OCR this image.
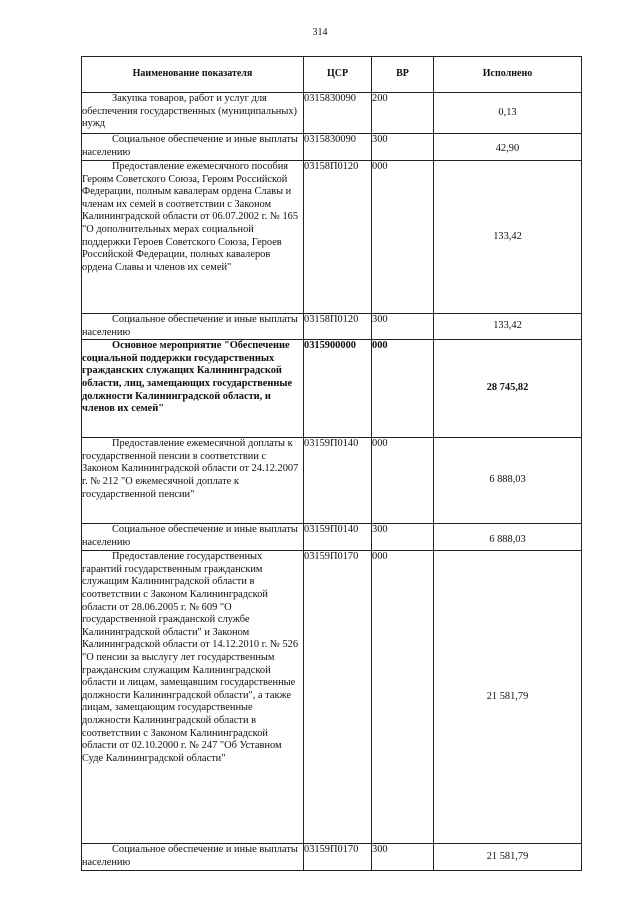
314
Наименование показателя	ЦСР	ВР	Исполнено
Закупка товаров, работ и услуг для обеспечения государственных (муниципальных) нужд	0315830090	200	0,13
Социальное обеспечение и иные выплаты населению	0315830090	300	42,90
Предоставление ежемесячного пособия Героям Советского Союза, Героям Российской Федерации, полным кавалерам ордена Славы и членам их семей в соответствии с Законом Калининградской области от 06.07.2002 г. № 165 "О дополнительных мерах социальной поддержки Героев Советского Союза, Героев Российской Федерации, полных кавалеров ордена Славы и членов их семей"	03158П0120	000	133,42
Социальное обеспечение и иные выплаты населению	03158П0120	300	133,42
Основное мероприятие "Обеспечение социальной поддержки государственных гражданских служащих Калининградской области, лиц, замещающих государственные должности Калининградской области, и членов их семей"	0315900000	000	28 745,82
Предоставление ежемесячной доплаты к государственной пенсии в соответствии с Законом Калининградской области от 24.12.2007 г. № 212 "О ежемесячной доплате к государственной пенсии"	03159П0140	000	6 888,03
Социальное обеспечение и иные выплаты населению	03159П0140	300	6 888,03
Предоставление государственных гарантий государственным гражданским служащим Калининградской области в соответствии с Законом Калининградской области от 28.06.2005 г. № 609 "О государственной гражданской службе Калининградской области" и Законом Калининградской области от 14.12.2010 г. № 526 "О пенсии за выслугу лет государственным гражданским служащим Калининградской области и лицам, замещавшим государственные должности Калининградской области", а также лицам, замещающим государственные должности Калининградской области в соответствии с Законом Калининградской области от 02.10.2000 г. № 247 "Об Уставном Суде Калининградской области"	03159П0170	000	21 581,79
Социальное обеспечение и иные выплаты населению	03159П0170	300	21 581,79
